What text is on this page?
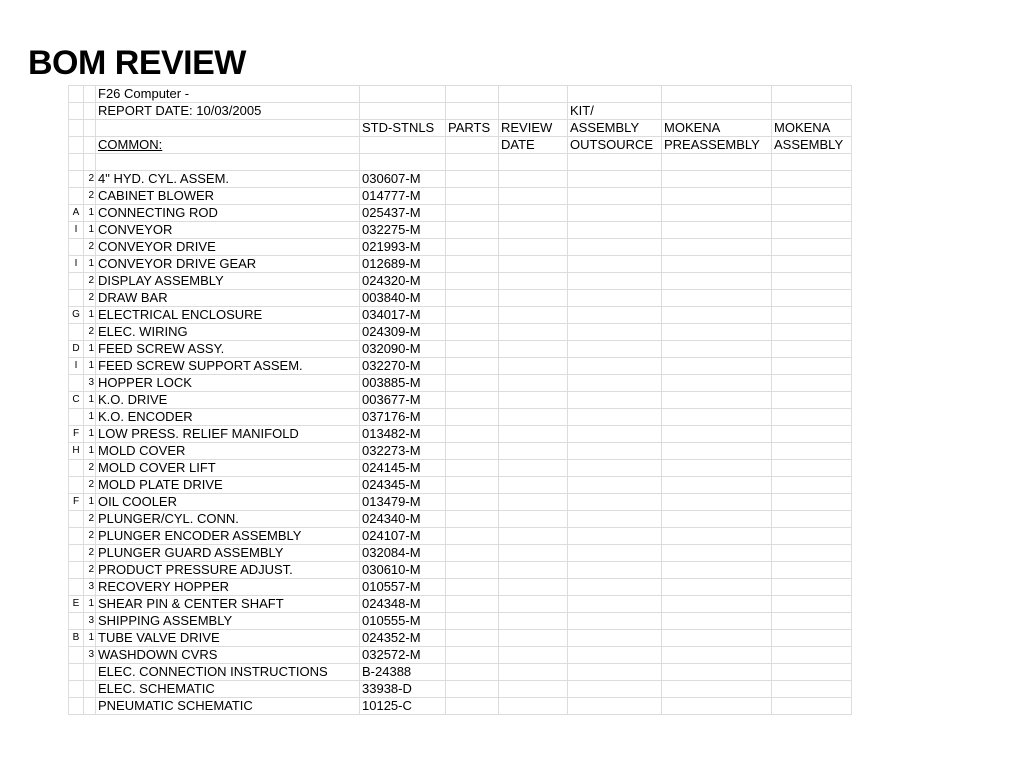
BOM REVIEW
		F26 Computer -						
		REPORT DATE: 10/03/2005				KIT/		
			STD-STNLS	PARTS	REVIEW	ASSEMBLY	MOKENA	MOKENA
		COMMON:			DATE	OUTSOURCE	PREASSEMBLY	ASSEMBLY

	2	4" HYD. CYL. ASSEM.	030607-M					
	2	CABINET BLOWER	014777-M					
A	1	CONNECTING ROD	025437-M					
I	1	CONVEYOR	032275-M					
	2	CONVEYOR DRIVE	021993-M					
I	1	CONVEYOR DRIVE GEAR	012689-M					
	2	DISPLAY ASSEMBLY	024320-M					
	2	DRAW BAR	003840-M					
G	1	ELECTRICAL ENCLOSURE	034017-M					
	2	ELEC. WIRING	024309-M					
D	1	FEED SCREW ASSY.	032090-M					
I	1	FEED SCREW SUPPORT ASSEM.	032270-M					
	3	HOPPER LOCK	003885-M					
C	1	K.O. DRIVE	003677-M					
	1	K.O. ENCODER	037176-M					
F	1	LOW PRESS. RELIEF MANIFOLD	013482-M					
H	1	MOLD COVER	032273-M					
	2	MOLD COVER LIFT	024145-M					
	2	MOLD PLATE DRIVE	024345-M					
F	1	OIL COOLER	013479-M					
	2	PLUNGER/CYL. CONN.	024340-M					
	2	PLUNGER ENCODER ASSEMBLY	024107-M					
	2	PLUNGER GUARD ASSEMBLY	032084-M					
	2	PRODUCT PRESSURE ADJUST.	030610-M					
	3	RECOVERY HOPPER	010557-M					
E	1	SHEAR PIN & CENTER SHAFT	024348-M					
	3	SHIPPING ASSEMBLY	010555-M					
B	1	TUBE VALVE DRIVE	024352-M					
	3	WASHDOWN CVRS	032572-M					
		ELEC. CONNECTION INSTRUCTIONS	B-24388					
		ELEC. SCHEMATIC	33938-D					
		PNEUMATIC SCHEMATIC	10125-C					
